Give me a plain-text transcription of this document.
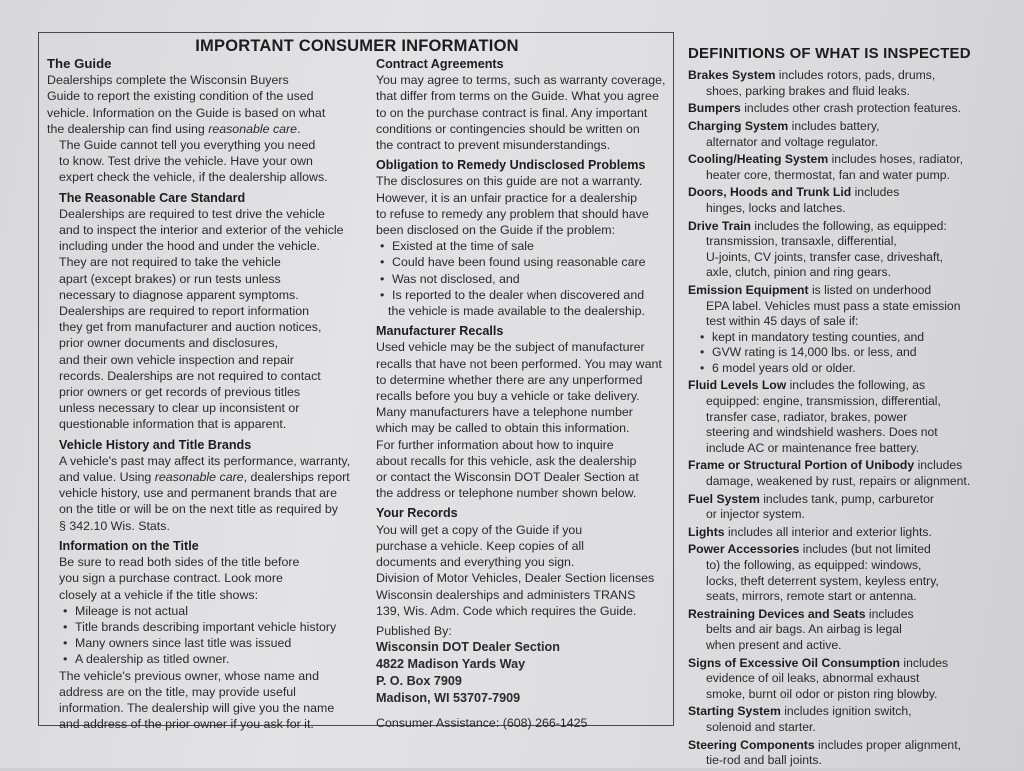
IMPORTANT CONSUMER INFORMATION
The Guide

Dealerships complete the Wisconsin Buyers

Guide to report the existing condition of the used

vehicle. Information on the Guide is based on what

the dealership can find using reasonable care.

The Guide cannot tell you everything you need

to know. Test drive the vehicle. Have your own

expert check the vehicle, if the dealership allows.

The Reasonable Care Standard

Dealerships are required to test drive the vehicle

and to inspect the interior and exterior of the vehicle

including under the hood and under the vehicle.

They are not required to take the vehicle

apart (except brakes) or run tests unless

necessary to diagnose apparent symptoms.

Dealerships are required to report information

they get from manufacturer and auction notices,

prior owner documents and disclosures,

and their own vehicle inspection and repair

records. Dealerships are not required to contact

prior owners or get records of previous titles

unless necessary to clear up inconsistent or

questionable information that is apparent.

Vehicle History and Title Brands

A vehicle's past may affect its performance, warranty,

and value. Using reasonable care, dealerships report

vehicle history, use and permanent brands that are

on the title or will be on the next title as required by

§ 342.10 Wis. Stats.

Information on the Title

Be sure to read both sides of the title before

you sign a purchase contract. Look more

closely at a vehicle if the title shows:

• Mileage is not actual
• Title brands describing important vehicle history
• Many owners since last title was issued
• A dealership as titled owner.

The vehicle's previous owner, whose name and

address are on the title, may provide useful

information. The dealership will give you the name

and address of the prior owner if you ask for it.

Contract Agreements

You may agree to terms, such as warranty coverage,

that differ from terms on the Guide. What you agree

to on the purchase contract is final. Any important

conditions or contingencies should be written on

the contract to prevent misunderstandings.

Obligation to Remedy Undisclosed Problems

The disclosures on this guide are not a warranty.

However, it is an unfair practice for a dealership

to refuse to remedy any problem that should have

been disclosed on the Guide if the problem:

• Existed at the time of sale
• Could have been found using reasonable care
• Was not disclosed, and
• Is reported to the dealer when discovered and

the vehicle is made available to the dealership.

Manufacturer Recalls

Used vehicle may be the subject of manufacturer

recalls that have not been performed. You may want

to determine whether there are any unperformed

recalls before you buy a vehicle or take delivery.

Many manufacturers have a telephone number

which may be called to obtain this information.

For further information about how to inquire

about recalls for this vehicle, ask the dealership

or contact the Wisconsin DOT Dealer Section at

the address or telephone number shown below.

Your Records

You will get a copy of the Guide if you

purchase a vehicle. Keep copies of all

documents and everything you sign.

Division of Motor Vehicles, Dealer Section licenses

Wisconsin dealerships and administers TRANS

139, Wis. Adm. Code which requires the Guide.

Published By:

Wisconsin DOT Dealer Section

4822 Madison Yards Way

P. O. Box 7909

Madison, WI 53707-7909

Consumer Assistance: (608) 266-1425

DEFINITIONS OF WHAT IS INSPECTED
Brakes System includes rotors, pads, drums,
shoes, parking brakes and fluid leaks.
Bumpers includes other crash protection features.
Charging System includes battery,
alternator and voltage regulator.
Cooling/Heating System includes hoses, radiator,
heater core, thermostat, fan and water pump.
Doors, Hoods and Trunk Lid includes
hinges, locks and latches.
Drive Train includes the following, as equipped:
transmission, transaxle, differential,
U-joints, CV joints, transfer case, driveshaft,
axle, clutch, pinion and ring gears.
Emission Equipment is listed on underhood
EPA label. Vehicles must pass a state emission
test within 45 days of sale if:
• kept in mandatory testing counties, and
• GVW rating is 14,000 lbs. or less, and
• 6 model years old or older.
Fluid Levels Low includes the following, as
equipped: engine, transmission, differential,
transfer case, radiator, brakes, power
steering and windshield washers. Does not
include AC or maintenance free battery.
Frame or Structural Portion of Unibody includes
damage, weakened by rust, repairs or alignment.
Fuel System includes tank, pump, carburetor
or injector system.
Lights includes all interior and exterior lights.
Power Accessories includes (but not limited
to) the following, as equipped: windows,
locks, theft deterrent system, keyless entry,
seats, mirrors, remote start or antenna.
Restraining Devices and Seats includes
belts and air bags. An airbag is legal
when present and active.
Signs of Excessive Oil Consumption includes
evidence of oil leaks, abnormal exhaust
smoke, burnt oil odor or piston ring blowby.
Starting System includes ignition switch,
solenoid and starter.
Steering Components includes proper alignment,
tie-rod and ball joints.
